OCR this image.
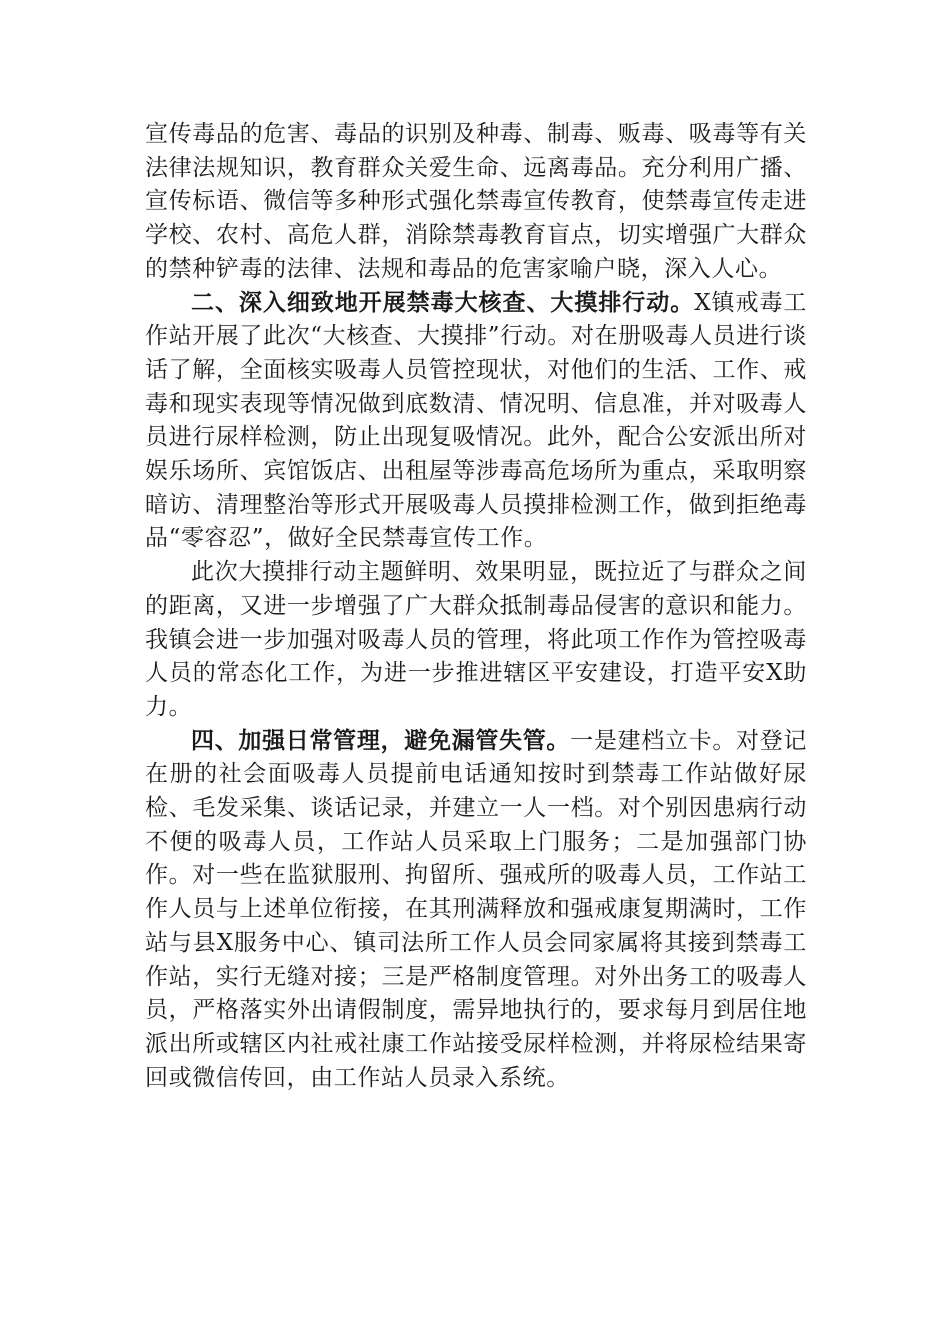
宣传毒品的危害、毒品的识别及种毒、制毒、贩毒、吸毒等有关法律法规知识，教育群众关爱生命、远离毒品。充分利用广播、宣传标语、微信等多种形式强化禁毒宣传教育，使禁毒宣传走进学校、农村、高危人群，消除禁毒教育盲点，切实增强广大群众的禁种铲毒的法律、法规和毒品的危害家喻户晓，深入人心。

二、深入细致地开展禁毒大核查、大摸排行动。X镇戒毒工作站开展了此次“大核查、大摸排”行动。对在册吸毒人员进行谈话了解，全面核实吸毒人员管控现状，对他们的生活、工作、戒毒和现实表现等情况做到底数清、情况明、信息准，并对吸毒人员进行尿样检测，防止出现复吸情况。此外，配合公安派出所对娱乐场所、宾馆饭店、出租屋等涉毒高危场所为重点，采取明察暗访、清理整治等形式开展吸毒人员摸排检测工作，做到拒绝毒品“零容忍”，做好全民禁毒宣传工作。

此次大摸排行动主题鲜明、效果明显，既拉近了与群众之间的距离，又进一步增强了广大群众抵制毒品侵害的意识和能力。我镇会进一步加强对吸毒人员的管理，将此项工作作为管控吸毒人员的常态化工作，为进一步推进辖区平安建设，打造平安X助力。

四、加强日常管理，避免漏管失管。一是建档立卡。对登记在册的社会面吸毒人员提前电话通知按时到禁毒工作站做好尿检、毛发采集、谈话记录，并建立一人一档。对个别因患病行动不便的吸毒人员，工作站人员采取上门服务；二是加强部门协作。对一些在监狱服刑、拘留所、强戒所的吸毒人员，工作站工作人员与上述单位衔接，在其刑满释放和强戒康复期满时，工作站与县X服务中心、镇司法所工作人员会同家属将其接到禁毒工作站，实行无缝对接；三是严格制度管理。对外出务工的吸毒人员，严格落实外出请假制度，需异地执行的，要求每月到居住地派出所或辖区内社戒社康工作站接受尿样检测，并将尿检结果寄回或微信传回，由工作站人员录入系统。
